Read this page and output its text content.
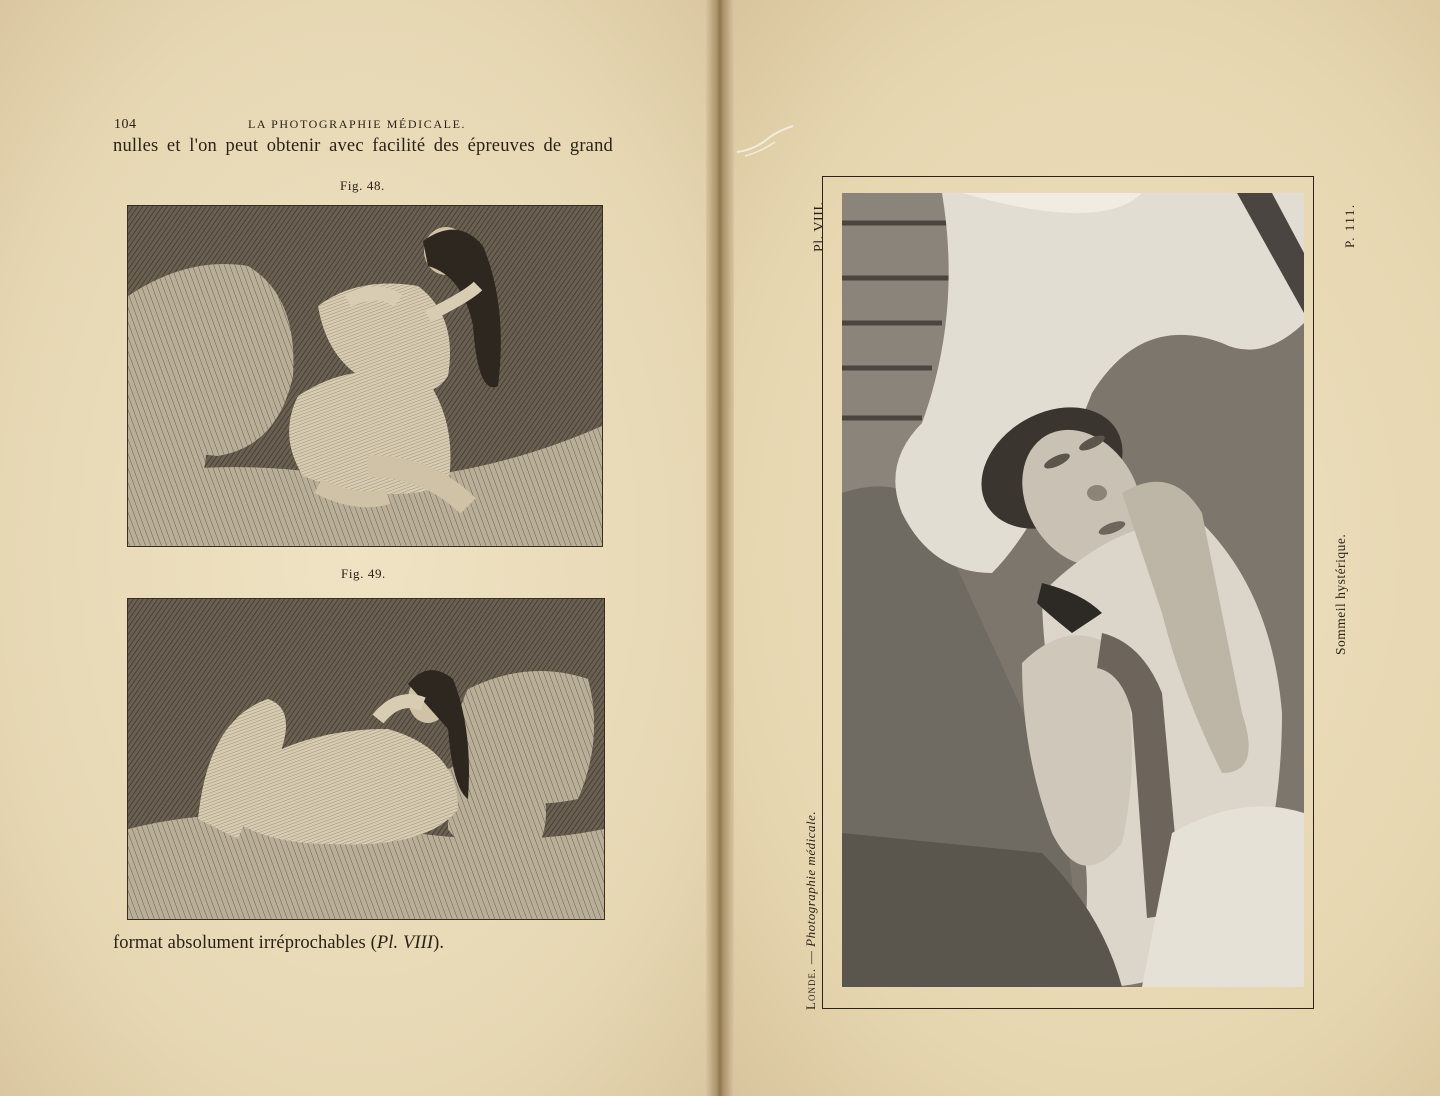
104	LA PHOTOGRAPHIE MÉDICALE.
nulles et l'on peut obtenir avec facilité des épreuves de grand
Fig. 48.
Fig. 49.
format absolument irréprochables (Pl. VIII).
Pl. VIII.	P. 111.
Sommeil hystérique.
Londe. — Photographie médicale.
